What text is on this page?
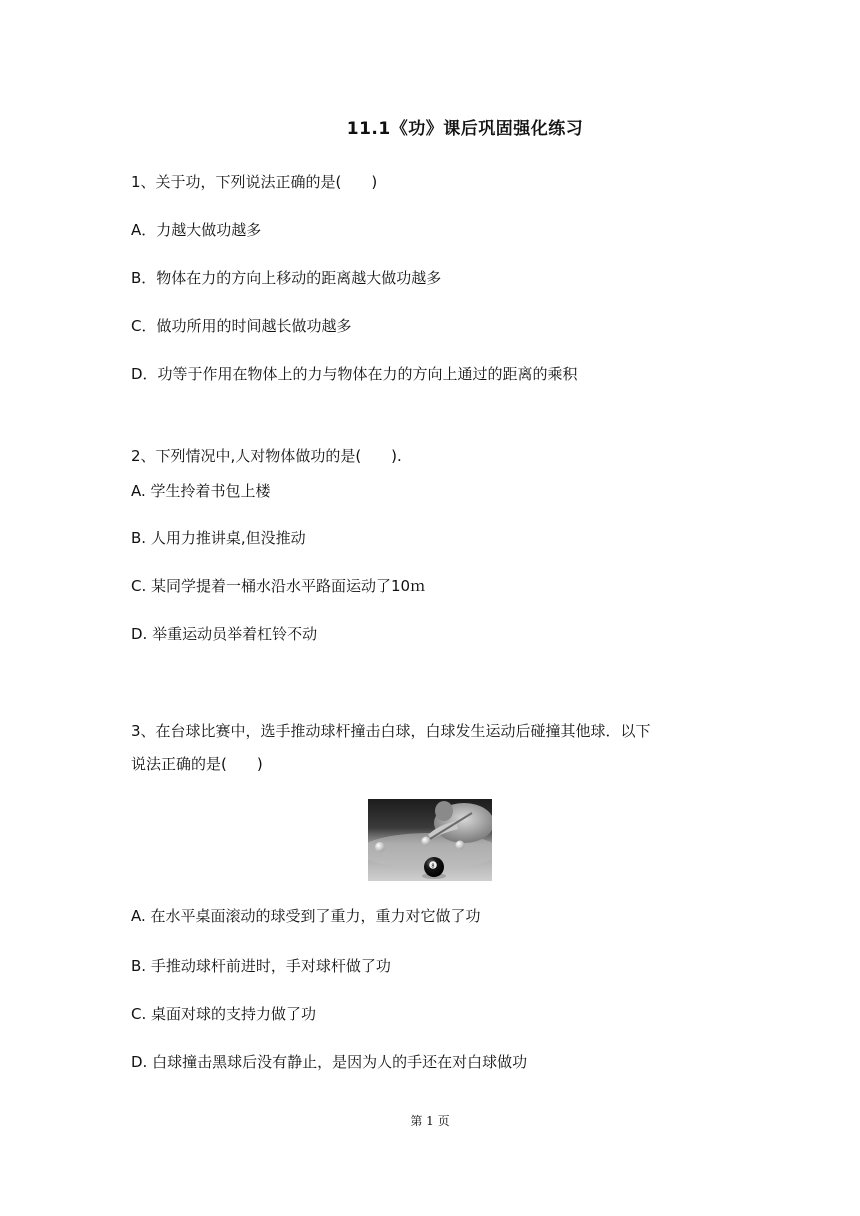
11.1《功》课后巩固强化练习
1、关于功，下列说法正确的是(　　)
A．力越大做功越多
B．物体在力的方向上移动的距离越大做功越多
C．做功所用的时间越长做功越多
D．功等于作用在物体上的力与物体在力的方向上通过的距离的乘积
2、下列情况中,人对物体做功的是(　　).
A. 学生拎着书包上楼
B. 人用力推讲桌,但没推动
C. 某同学提着一桶水沿水平路面运动了10ｍ
D. 举重运动员举着杠铃不动
3、在台球比赛中，选手推动球杆撞击白球，白球发生运动后碰撞其他球．以下
说法正确的是(　　)
8
A. 在水平桌面滚动的球受到了重力，重力对它做了功
B. 手推动球杆前进时，手对球杆做了功
C. 桌面对球的支持力做了功
D. 白球撞击黑球后没有静止，是因为人的手还在对白球做功
第 1 页
